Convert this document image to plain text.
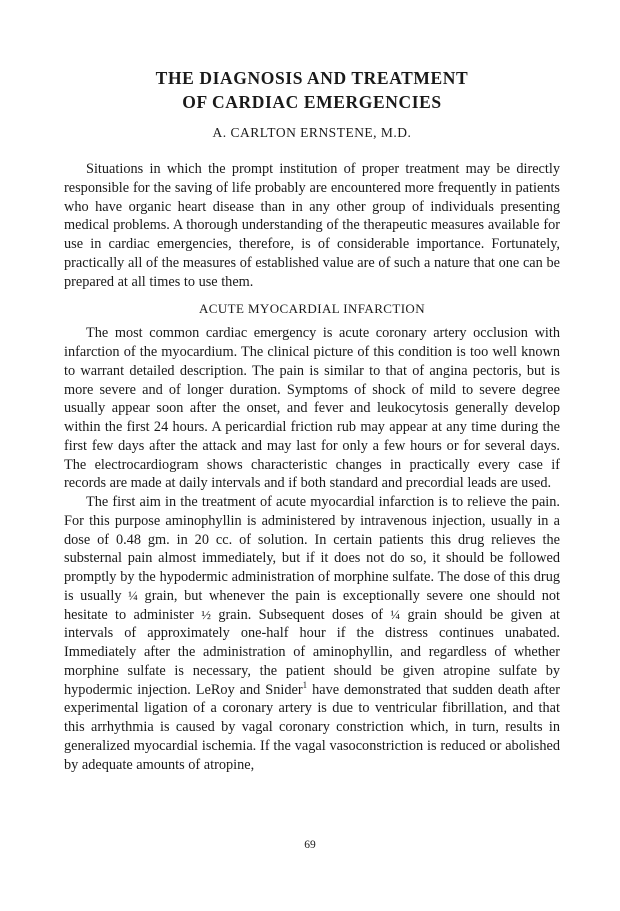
THE DIAGNOSIS AND TREATMENT
OF CARDIAC EMERGENCIES
A. CARLTON ERNSTENE, M.D.

Situations in which the prompt institution of proper treatment may be directly responsible for the saving of life probably are encountered more frequently in patients who have organic heart disease than in any other group of individuals presenting medical problems. A thorough understanding of the therapeutic measures available for use in cardiac emergencies, therefore, is of considerable importance. Fortunately, practically all of the measures of established value are of such a nature that one can be prepared at all times to use them.

ACUTE MYOCARDIAL INFARCTION

The most common cardiac emergency is acute coronary artery occlusion with infarction of the myocardium. The clinical picture of this condition is too well known to warrant detailed description. The pain is similar to that of angina pectoris, but is more severe and of longer duration. Symptoms of shock of mild to severe degree usually appear soon after the onset, and fever and leukocytosis generally develop within the first 24 hours. A pericardial friction rub may appear at any time during the first few days after the attack and may last for only a few hours or for several days. The electrocardiogram shows characteristic changes in practically every case if records are made at daily intervals and if both standard and precordial leads are used.

The first aim in the treatment of acute myocardial infarction is to relieve the pain. For this purpose aminophyllin is administered by intravenous injection, usually in a dose of 0.48 gm. in 20 cc. of solution. In certain patients this drug relieves the substernal pain almost immediately, but if it does not do so, it should be followed promptly by the hypodermic administration of morphine sulfate. The dose of this drug is usually ¼ grain, but whenever the pain is exceptionally severe one should not hesitate to administer ½ grain. Subsequent doses of ¼ grain should be given at intervals of approximately one-half hour if the distress continues unabated. Immediately after the administration of aminophyllin, and regardless of whether morphine sulfate is necessary, the patient should be given atropine sulfate by hypodermic injection. LeRoy and Snider$^1$ have demonstrated that sudden death after experimental ligation of a coronary artery is due to ventricular fibrillation, and that this arrhythmia is caused by vagal coronary constriction which, in turn, results in generalized myocardial ischemia. If the vagal vasoconstriction is reduced or abolished by adequate amounts of atropine,

69
